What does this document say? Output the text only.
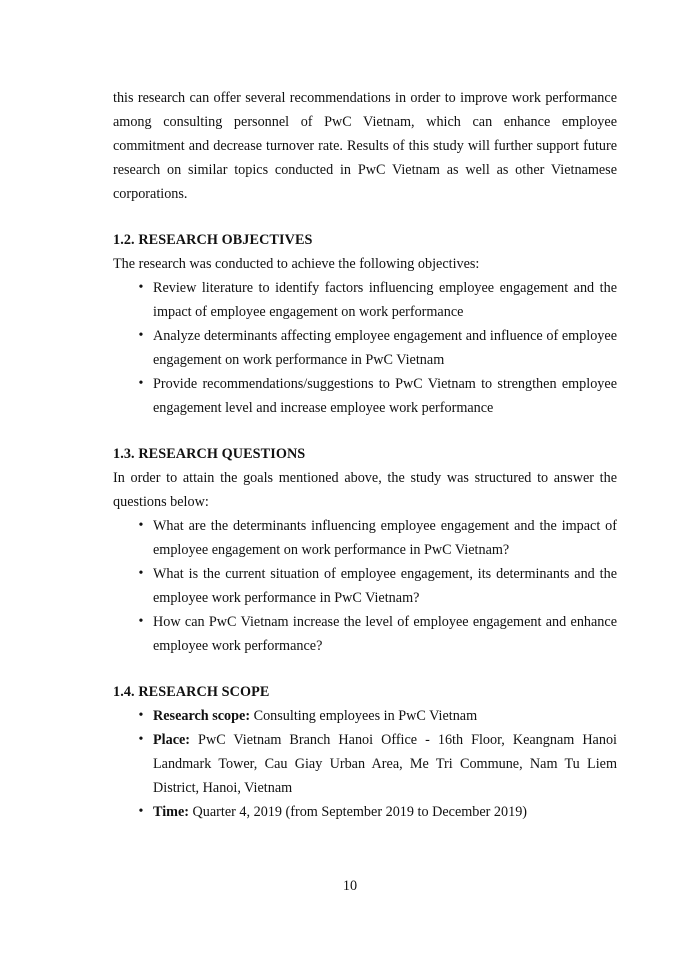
this research can offer several recommendations in order to improve work performance among consulting personnel of PwC Vietnam, which can enhance employee commitment and decrease turnover rate. Results of this study will further support future research on similar topics conducted in PwC Vietnam as well as other Vietnamese corporations.

1.2. RESEARCH OBJECTIVES

The research was conducted to achieve the following objectives:

• Review literature to identify factors influencing employee engagement and the impact of employee engagement on work performance
• Analyze determinants affecting employee engagement and influence of employee engagement on work performance in PwC Vietnam
• Provide recommendations/suggestions to PwC Vietnam to strengthen employee engagement level and increase employee work performance
1.3. RESEARCH QUESTIONS

In order to attain the goals mentioned above, the study was structured to answer the questions below:

• What are the determinants influencing employee engagement and the impact of employee engagement on work performance in PwC Vietnam?
• What is the current situation of employee engagement, its determinants and the employee work performance in PwC Vietnam?
• How can PwC Vietnam increase the level of employee engagement and enhance employee work performance?
1.4. RESEARCH SCOPE
• Research scope: Consulting employees in PwC Vietnam
• Place: PwC Vietnam Branch Hanoi Office - 16th Floor, Keangnam Hanoi Landmark Tower, Cau Giay Urban Area, Me Tri Commune, Nam Tu Liem District, Hanoi, Vietnam
• Time: Quarter 4, 2019 (from September 2019 to December 2019)
10
